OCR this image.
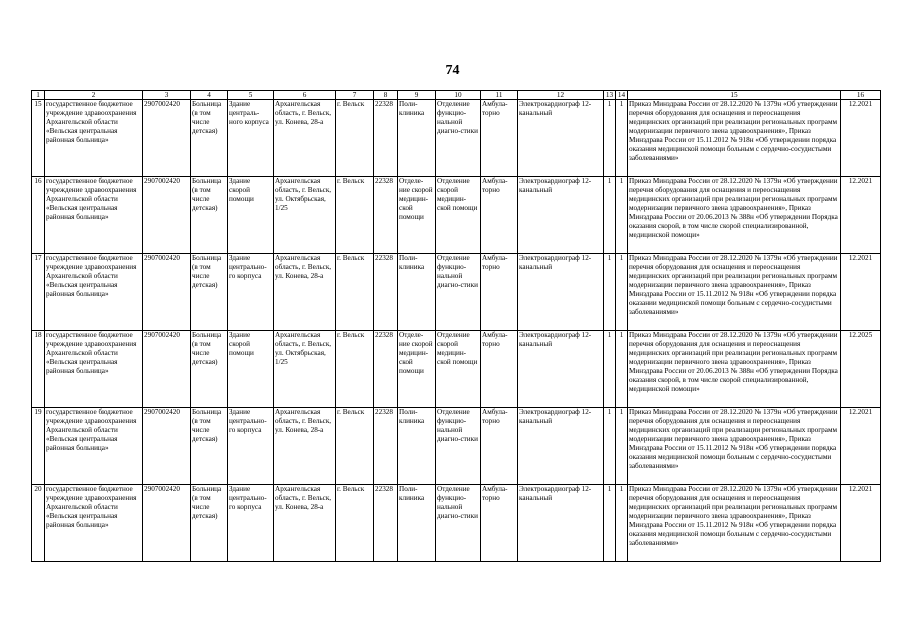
74
1	2	3	4	5	6	7	8	9	10	11	12	13	14	15	16
15	государственное бюджетное учреждение здравоохранения Архангельской области «Вельская центральная районная больница»	2907002420	Больница (в том числе детская)	Здание централь-ного корпуса	Архангельская область, г. Вельск, ул. Конева, 28-а	г. Вельск	22328	Поли-клиника	Отделение функцио-нальной диагно-стики	Амбула-торно	Электрокардиограф 12-канальный	1	1	Приказ Минздрава России от 28.12.2020 № 1379н «Об утверждении перечня оборудования для оснащения и переоснащения медицинских организаций при реализации региональных программ модернизации первичного звена здравоохранения», Приказ Минздрава России от 15.11.2012 № 918н «Об утверждении порядка оказания медицинской помощи больным с сердечно-сосудистыми заболеваниями»	12.2021
16	государственное бюджетное учреждение здравоохранения Архангельской области «Вельская центральная районная больница»	2907002420	Больница (в том числе детская)	Здание скорой помощи	Архангельская область, г. Вельск, ул. Октябрьская, 1/25	г. Вельск	22328	Отделе-ние скорой медицин-ской помощи	Отделение скорой медицин-ской помощи	Амбула-торно	Электрокардиограф 12-канальный	1	1	Приказ Минздрава России от 28.12.2020 № 1379н «Об утверждении перечня оборудования для оснащения и переоснащения медицинских организаций при реализации региональных программ модернизации первичного звена здравоохранения», Приказ Минздрава России от 20.06.2013 № 388н «Об утверждении Порядка оказания скорой, в том числе скорой специализированной, медицинской помощи»	12.2021
17	государственное бюджетное учреждение здравоохранения Архангельской области «Вельская центральная районная больница»	2907002420	Больница (в том числе детская)	Здание центрально-го корпуса	Архангельская область, г. Вельск, ул. Конева, 28-а	г. Вельск	22328	Поли-клиника	Отделение функцио-нальной диагно-стики	Амбула-торно	Электрокардиограф 12-канальный	1	1	Приказ Минздрава России от 28.12.2020 № 1379н «Об утверждении перечня оборудования для оснащения и переоснащения медицинских организаций при реализации региональных программ модернизации первичного звена здравоохранения», Приказ Минздрава России от 15.11.2012 № 918н «Об утверждении порядка оказании медицинской помощи больным с сердечно-сосудистыми заболеваниями»	12.2021
18	государственное бюджетное учреждение здравоохранения Архангельской области «Вельская центральная районная больница»	2907002420	Больница (в том числе детская)	Здание скорой помощи	Архангельская область, г. Вельск, ул. Октябрьская, 1/25	г. Вельск	22328	Отделе-ние скорой медицин-ской помощи	Отделение скорой медицин-ской помощи	Амбула-торно	Электрокардиограф 12-канальный	1	1	Приказ Минздрава России от 28.12.2020 № 1379н «Об утверждении перечня оборудования для оснащения и переоснащения медицинских организаций при реализации региональных программ модернизации первичного звена здравоохранения», Приказ Минздрава России от 20.06.2013 № 388н «Об утверждении Порядка оказания скорой, в том числе скорой специализированной, медицинской помощи»	12.2025
19	государственное бюджетное учреждение здравоохранения Архангельской области «Вельская центральная районная больница»	2907002420	Больница (в том числе детская)	Здание центрально-го корпуса	Архангельская область, г. Вельск, ул. Конева, 28-а	г. Вельск	22328	Поли-клиника	Отделение функцио-нальной диагно-стики	Амбула-торно	Электрокардиограф 12-канальный	1	1	Приказ Минздрава России от 28.12.2020 № 1379н «Об утверждении перечня оборудования для оснащения и переоснащения медицинских организаций при реализации региональных программ модернизации первичного звена здравоохранения», Приказ Минздрава России от 15.11.2012 № 918н «Об утверждении порядка оказания медицинской помощи больным с сердечно-сосудистыми заболеваниями»	12.2021
20	государственное бюджетное учреждение здравоохранения Архангельской области «Вельская центральная районная больница»	2907002420	Больница (в том числе детская)	Здание центрально-го корпуса	Архангельская область, г. Вельск, ул. Конева, 28-а	г. Вельск	22328	Поли-клиника	Отделение функцио-нальной диагно-стики	Амбула-торно	Электрокардиограф 12-канальный	1	1	Приказ Минздрава России от 28.12.2020 № 1379н «Об утверждении перечня оборудования для оснащения и переоснащения медицинских организаций при реализации региональных программ модернизации первичного звена здравоохранения», Приказ Минздрава России от 15.11.2012 № 918н «Об утверждении порядка оказания медицинской помощи больным с сердечно-сосудистыми заболеваниями»	12.2021
